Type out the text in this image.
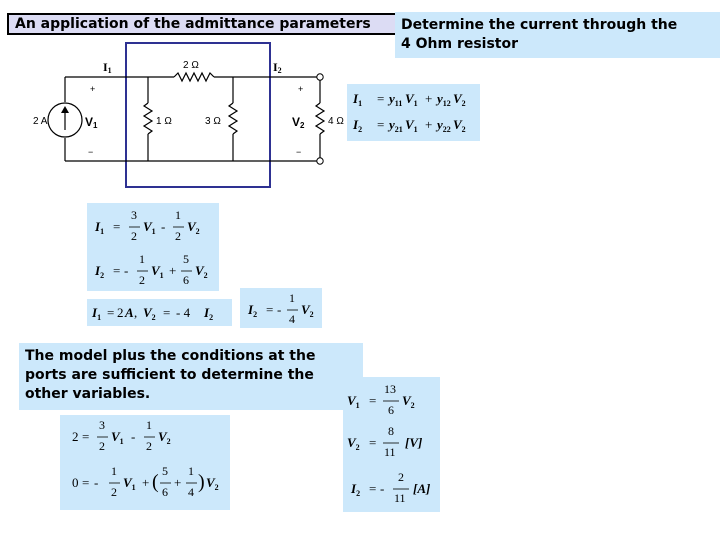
An application of the admittance parameters	Determine the current through the
4 Ohm resistor
2 A
2 Ω
1 Ω	3 Ω	4 Ω
I1	I2
V1	V2
+
−
+
−
$I_1 = y_{11}$ $V_1 + y_{12}$ $V_2$
$I_2 = y_{21}$ $V_1 + y_{22}$ $V_2$
$I_1$ =
3
2
$V_1$ -
1
2
$V_2$
$I_2$ = -
1
2
$V_1$ +
5
6
$V_2$
$I_1 = 2$ A , $V_2$ = - 4 $I_2$
$I_2$ = -
1
4
$V_2$
The model plus the conditions at the
ports are sufficient to determine the
other variables.
2 =
3
2
$V_1$ -
1
2
$V_2$
0 = -
1
2
$V_1$ + ( 5
6
+
1
4 ) $V_2$
$V_1$ =
13
6
$V_2$
$V_2$ =
8
11
[V]
$I_2$ = -
2
11
[A]
